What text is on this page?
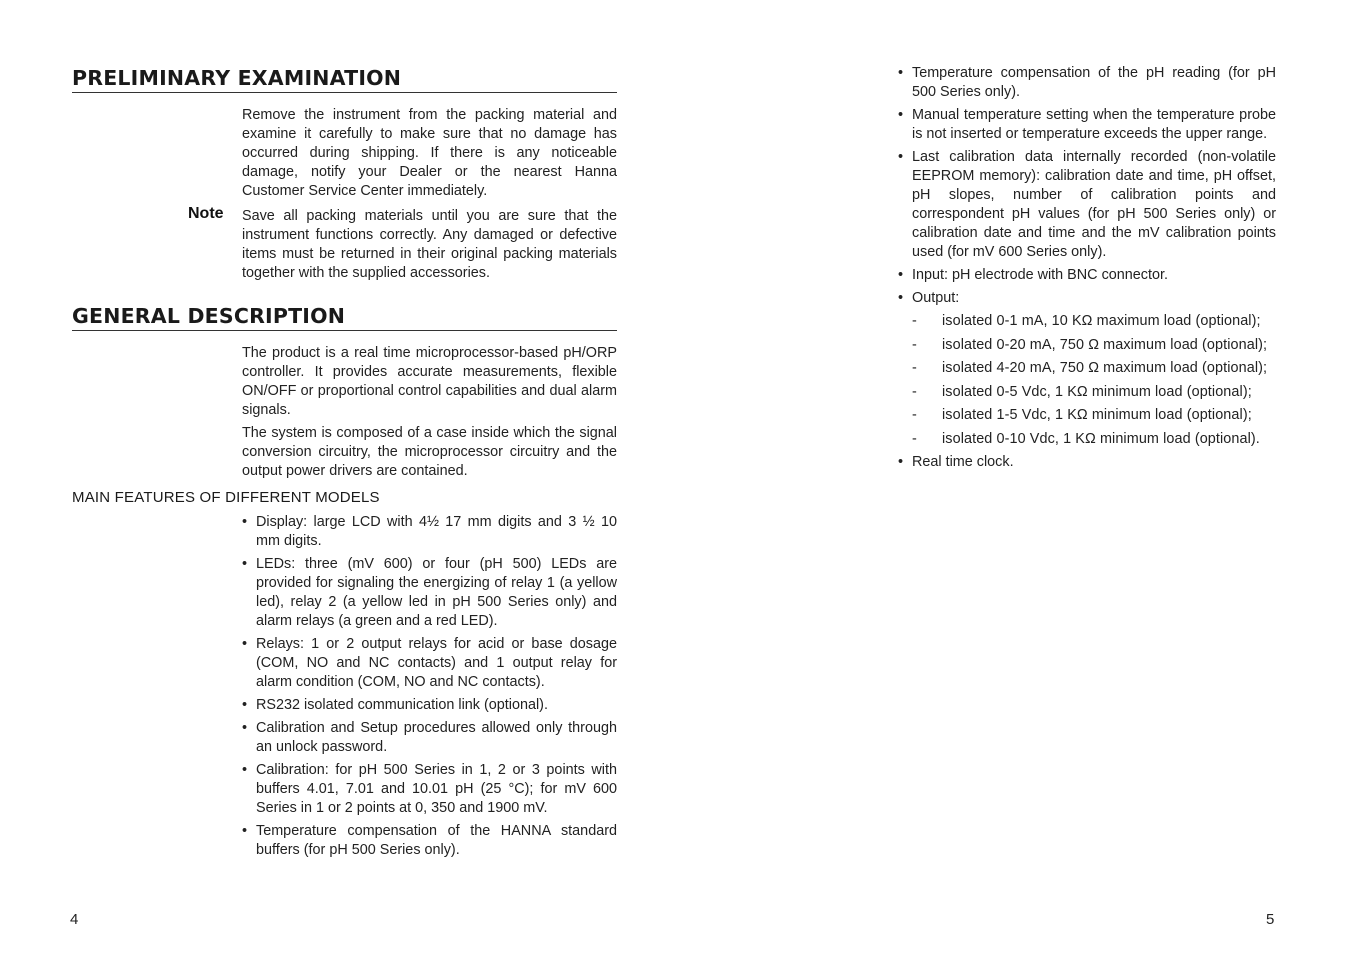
PRELIMINARY EXAMINATION

Remove the instrument from the packing material and examine it carefully to make sure that no damage has occurred during shipping. If there is any noticeable damage, notify your Dealer or the nearest Hanna Customer Service Center immediately.

Note Save all packing materials until you are sure that the instrument functions correctly. Any damaged or defective items must be returned in their original packing materials together with the supplied accessories.

GENERAL DESCRIPTION

The product is a real time microprocessor-based pH/ORP controller. It provides accurate measurements, flexible ON/OFF or proportional control capabilities and dual alarm signals.

The system is composed of a case inside which the signal conversion circuitry, the microprocessor circuitry and the output power drivers are contained.

MAIN FEATURES OF DIFFERENT MODELS
• Display: large LCD with 4½ 17 mm digits and 3 ½ 10 mm digits.
• LEDs: three (mV 600) or four (pH 500) LEDs are provided for signaling the energizing of relay 1 (a yellow led), relay 2 (a yellow led in pH 500 Series only) and alarm relays (a green and a red LED).
• Relays: 1 or 2 output relays for acid or base dosage (COM, NO and NC contacts) and 1 output relay for alarm condition (COM, NO and NC contacts).
• RS232 isolated communication link (optional).
• Calibration and Setup procedures allowed only through an unlock password.
• Calibration: for pH 500 Series in 1, 2 or 3 points with buffers 4.01, 7.01 and 10.01 pH (25 °C); for mV 600 Series in 1 or 2 points at 0, 350 and 1900 mV.
• Temperature compensation of the HANNA standard buffers (for pH 500 Series only).
4
• Temperature compensation of the pH reading (for pH 500 Series only).
• Manual temperature setting when the temperature probe is not inserted or temperature exceeds the upper range.
• Last calibration data internally recorded (non-volatile EEPROM memory): calibration date and time, pH offset, pH slopes, number of calibration points and correspondent pH values (for pH 500 Series only) or calibration date and time and the mV calibration points used (for mV 600 Series only).
• Input: pH electrode with BNC connector.
• Output:
- isolated 0-1 mA, 10 KΩ maximum load (optional);
- isolated 0-20 mA, 750 Ω maximum load (optional);
- isolated 4-20 mA, 750 Ω maximum load (optional);
- isolated 0-5 Vdc, 1 KΩ minimum load (optional);
- isolated 1-5 Vdc, 1 KΩ minimum load (optional);
- isolated 0-10 Vdc, 1 KΩ minimum load (optional).
• Real time clock.
5
